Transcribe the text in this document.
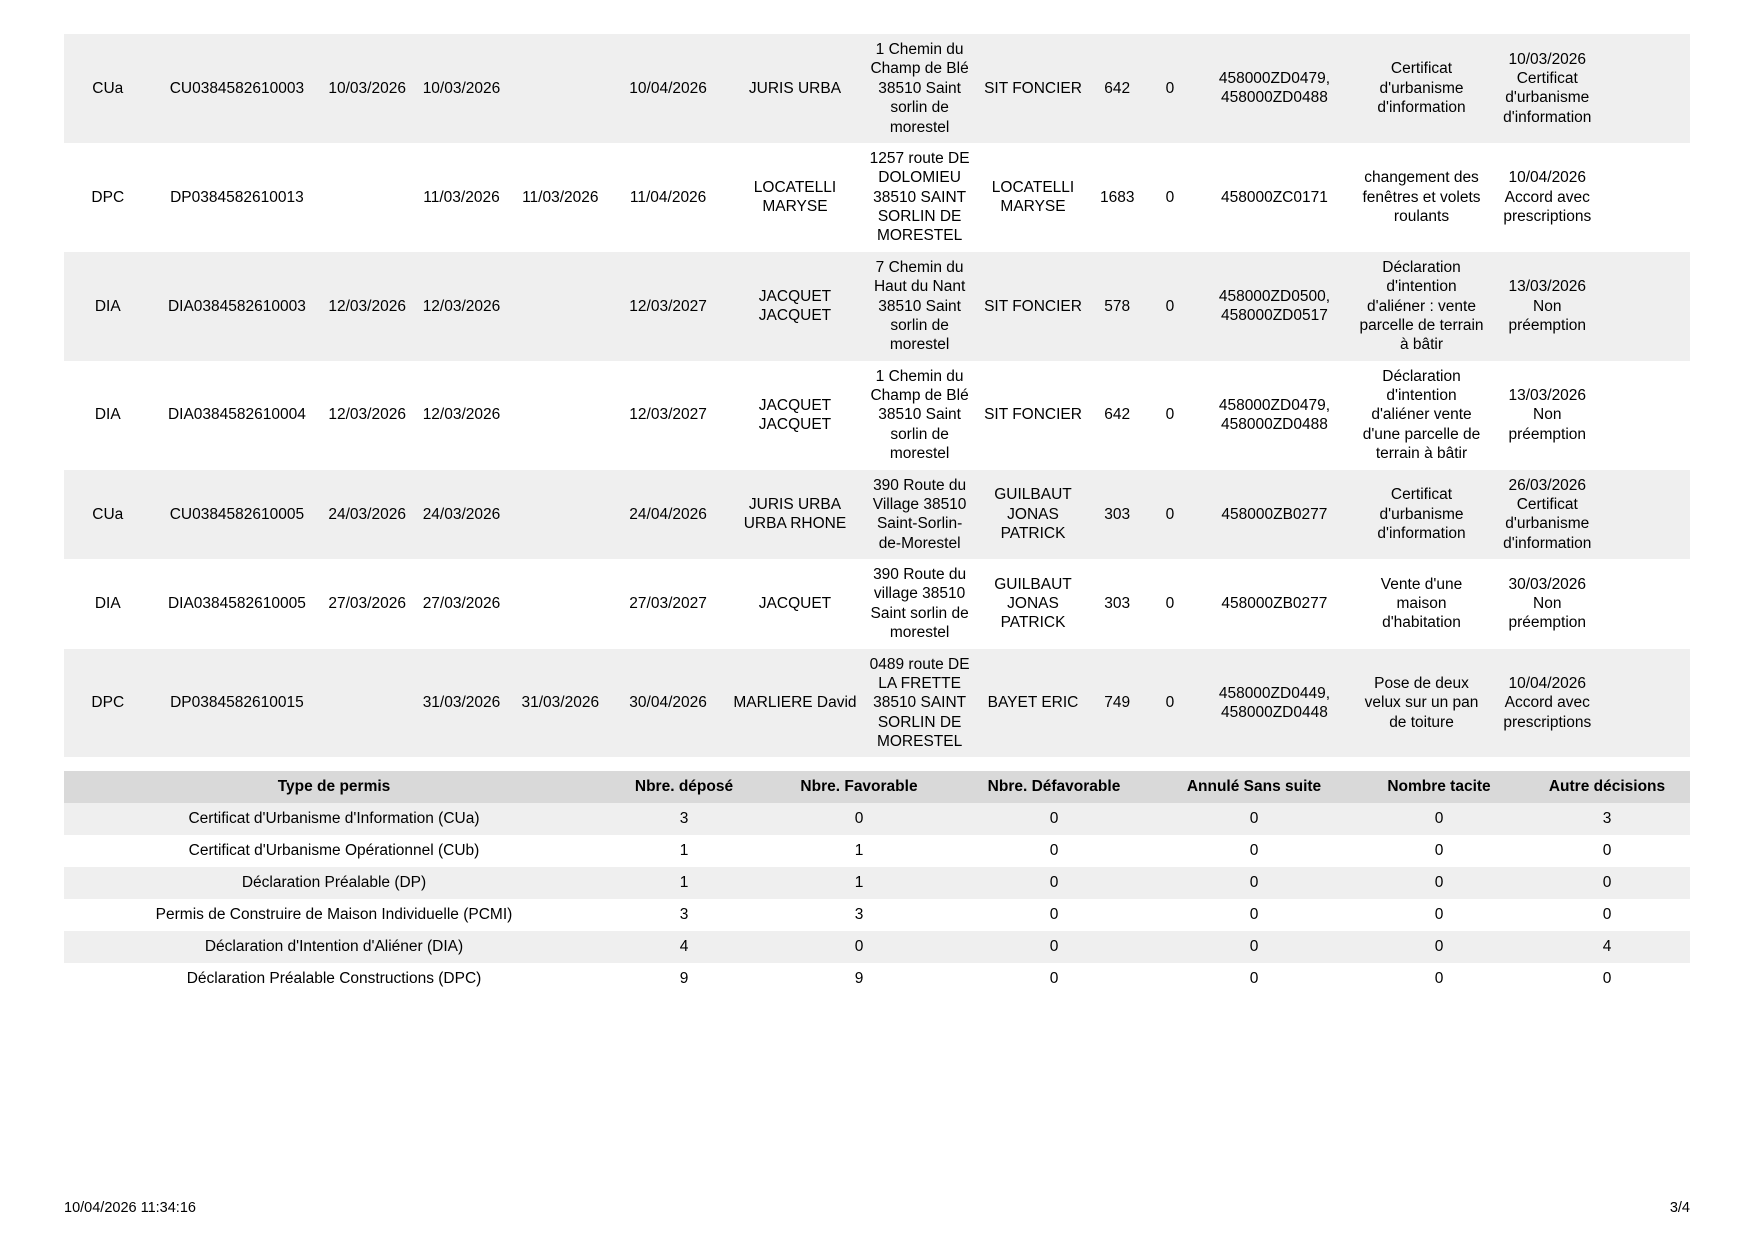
CUa	CU0384582610003	10/03/2026	10/03/2026		10/04/2026	JURIS URBA	1 Chemin du Champ de Blé 38510 Saint sorlin de morestel	SIT FONCIER	642	0	458000ZD0479, 458000ZD0488	Certificat d'urbanisme d'information	10/03/2026 Certificat d'urbanisme d'information		
DPC	DP0384582610013		11/03/2026	11/03/2026	11/04/2026	LOCATELLI MARYSE	1257 route DE DOLOMIEU 38510 SAINT SORLIN DE MORESTEL	LOCATELLI MARYSE	1683	0	458000ZC0171	changement des fenêtres et volets roulants	10/04/2026 Accord avec prescriptions		
DIA	DIA0384582610003	12/03/2026	12/03/2026		12/03/2027	JACQUET JACQUET	7 Chemin du Haut du Nant 38510 Saint sorlin de morestel	SIT FONCIER	578	0	458000ZD0500, 458000ZD0517	Déclaration d'intention d'aliéner : vente parcelle de terrain à bâtir	13/03/2026 Non préemption		
DIA	DIA0384582610004	12/03/2026	12/03/2026		12/03/2027	JACQUET JACQUET	1 Chemin du Champ de Blé 38510 Saint sorlin de morestel	SIT FONCIER	642	0	458000ZD0479, 458000ZD0488	Déclaration d'intention d'aliéner vente d'une parcelle de terrain à bâtir	13/03/2026 Non préemption		
CUa	CU0384582610005	24/03/2026	24/03/2026		24/04/2026	JURIS URBA URBA RHONE	390 Route du Village 38510 Saint-Sorlin-de-Morestel	GUILBAUT JONAS PATRICK	303	0	458000ZB0277	Certificat d'urbanisme d'information	26/03/2026 Certificat d'urbanisme d'information		
DIA	DIA0384582610005	27/03/2026	27/03/2026		27/03/2027	JACQUET	390 Route du village 38510 Saint sorlin de morestel	GUILBAUT JONAS PATRICK	303	0	458000ZB0277	Vente d'une maison d'habitation	30/03/2026 Non préemption		
DPC	DP0384582610015		31/03/2026	31/03/2026	30/04/2026	MARLIERE David	0489 route DE LA FRETTE 38510 SAINT SORLIN DE MORESTEL	BAYET ERIC	749	0	458000ZD0449, 458000ZD0448	Pose de deux velux sur un pan de toiture	10/04/2026 Accord avec prescriptions		
Type de permis	Nbre. déposé	Nbre. Favorable	Nbre. Défavorable	Annulé Sans suite	Nombre tacite	Autre décisions
Certificat d'Urbanisme d'Information (CUa)	3	0	0	0	0	3
Certificat d'Urbanisme Opérationnel (CUb)	1	1	0	0	0	0
Déclaration Préalable (DP)	1	1	0	0	0	0
Permis de Construire de Maison Individuelle (PCMI)	3	3	0	0	0	0
Déclaration d'Intention d'Aliéner (DIA)	4	0	0	0	0	4
Déclaration Préalable Constructions (DPC)	9	9	0	0	0	0
10/04/2026 11:34:16	3/4
